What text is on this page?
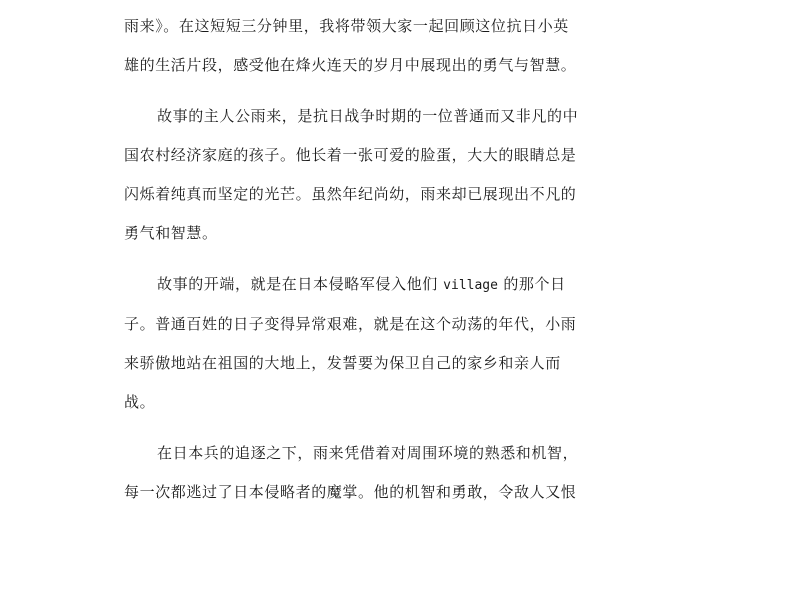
雨来》。在这短短三分钟里，我将带领大家一起回顾这位抗日小英
雄的生活片段，感受他在烽火连天的岁月中展现出的勇气与智慧。

故事的主人公雨来，是抗日战争时期的一位普通而又非凡的中
国农村经济家庭的孩子。他长着一张可爱的脸蛋，大大的眼睛总是
闪烁着纯真而坚定的光芒。虽然年纪尚幼，雨来却已展现出不凡的
勇气和智慧。

故事的开端，就是在日本侵略军侵入他们 village 的那个日
子。普通百姓的日子变得异常艰难，就是在这个动荡的年代，小雨
来骄傲地站在祖国的大地上，发誓要为保卫自己的家乡和亲人而
战。

在日本兵的追逐之下，雨来凭借着对周围环境的熟悉和机智，
每一次都逃过了日本侵略者的魔掌。他的机智和勇敢，令敌人又恨
